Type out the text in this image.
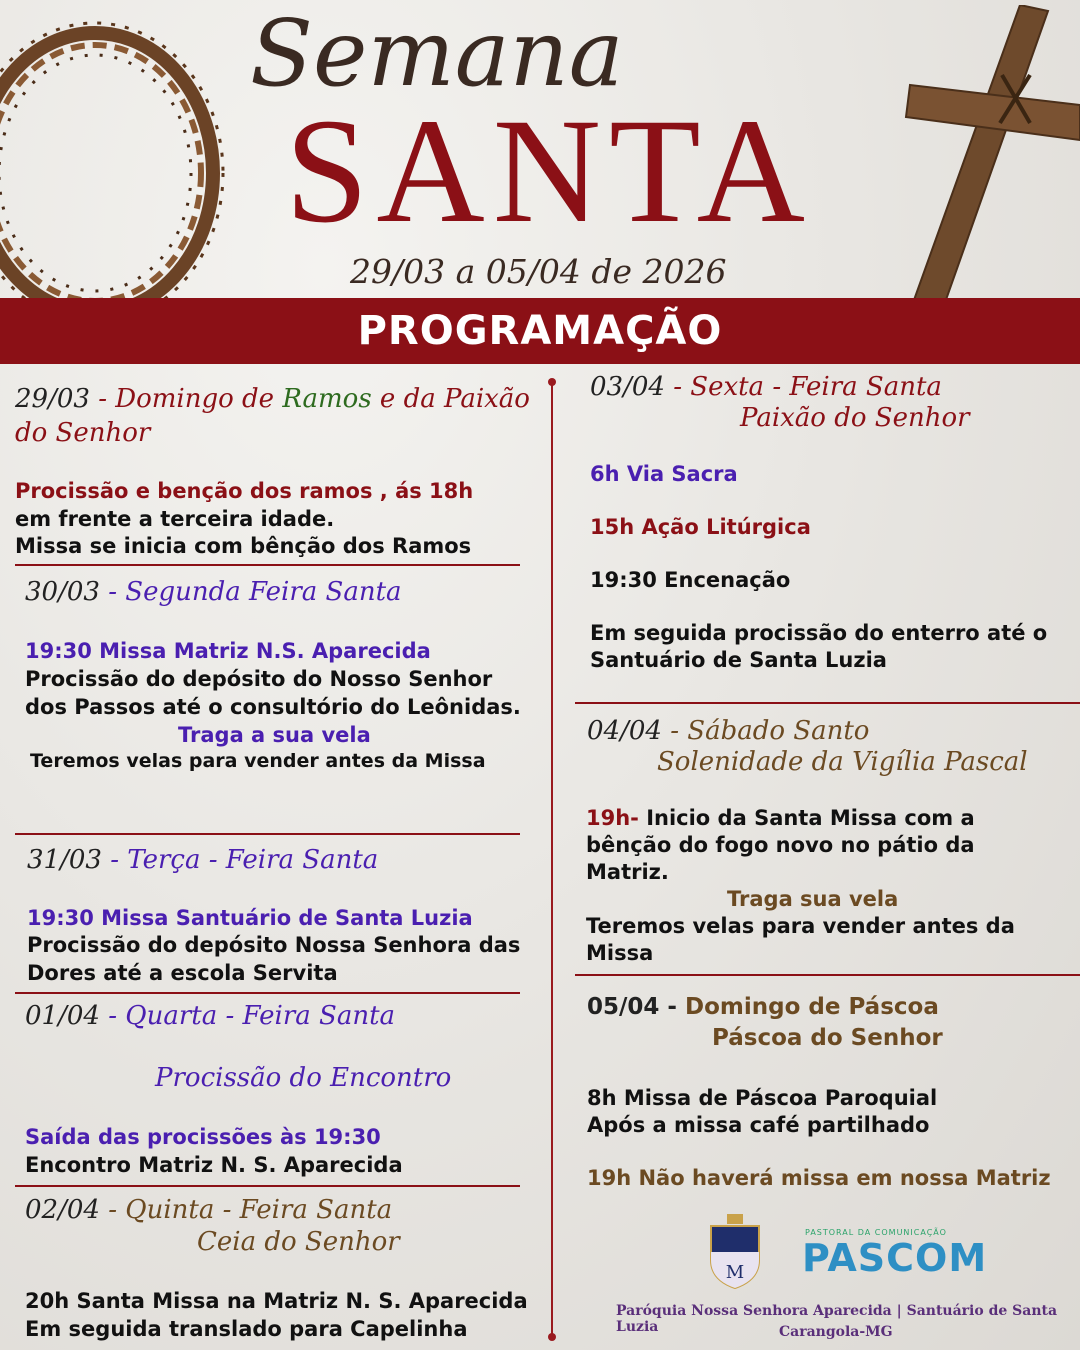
Semana
SANTA
29/03 a 05/04 de 2026
PROGRAMAÇÃO
29/03 - Domingo de Ramos e da Paixão
do Senhor
Procissão e benção dos ramos , ás 18h
em frente a terceira idade.
Missa se inicia com bênção dos Ramos
30/03 - Segunda Feira Santa
19:30 Missa Matriz N.S. Aparecida
Procissão do depósito do Nosso Senhor
dos Passos até o consultório do Leônidas.
Traga a sua vela
Teremos velas para vender antes da Missa
31/03 - Terça - Feira Santa
19:30 Missa Santuário de Santa Luzia
Procissão do depósito Nossa Senhora das
Dores até a escola Servita
01/04 - Quarta - Feira Santa
Procissão do Encontro
Saída das procissões às 19:30
Encontro Matriz N. S. Aparecida
02/04 - Quinta - Feira Santa
Ceia do Senhor
20h Santa Missa na Matriz N. S. Aparecida
Em seguida translado para Capelinha
03/04 - Sexta - Feira Santa
Paixão do Senhor
6h Via Sacra
15h Ação Litúrgica
19:30 Encenação
Em seguida procissão do enterro até o
Santuário de Santa Luzia
04/04 - Sábado Santo
Solenidade da Vigília Pascal
19h- Inicio da Santa Missa com a
bênção do fogo novo no pátio da
Matriz.
Traga sua vela
Teremos velas para vender antes da
Missa
05/04 - Domingo de Páscoa
Páscoa do Senhor
8h Missa de Páscoa Paroquial
Após a missa café partilhado
19h Não haverá missa em nossa Matriz
M
PASTORAL DA COMUNICAÇÃO
PASCOM
Paróquia Nossa Senhora Aparecida | Santuário de Santa Luzia	Carangola-MG
